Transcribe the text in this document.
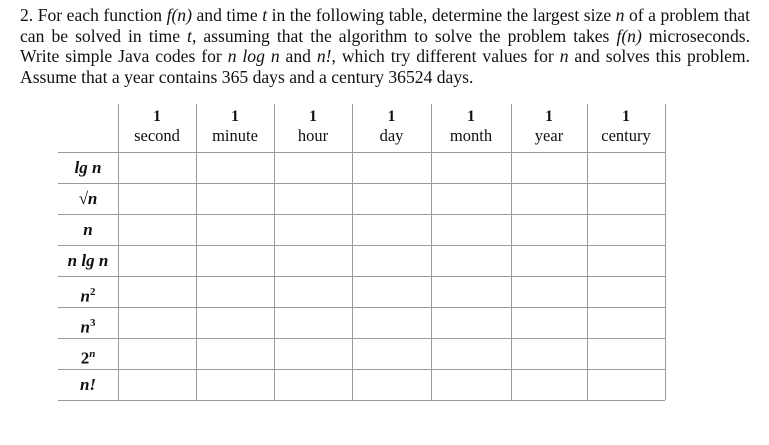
2. For each function f(n) and time t in the following table, determine the largest size n of a problem that can be solved in time t, assuming that the algorithm to solve the problem takes f(n) microseconds. Write simple Java codes for n log n and n!, which try different values for n and solves this problem. Assume that a year contains 365 days and a century 36524 days.
1
second
1
minute
1
hour
1
day
1
month
1
year
1
century
lg n
√n
n
n lg n
$n^2$
$n^3$
2$^n$
n!
